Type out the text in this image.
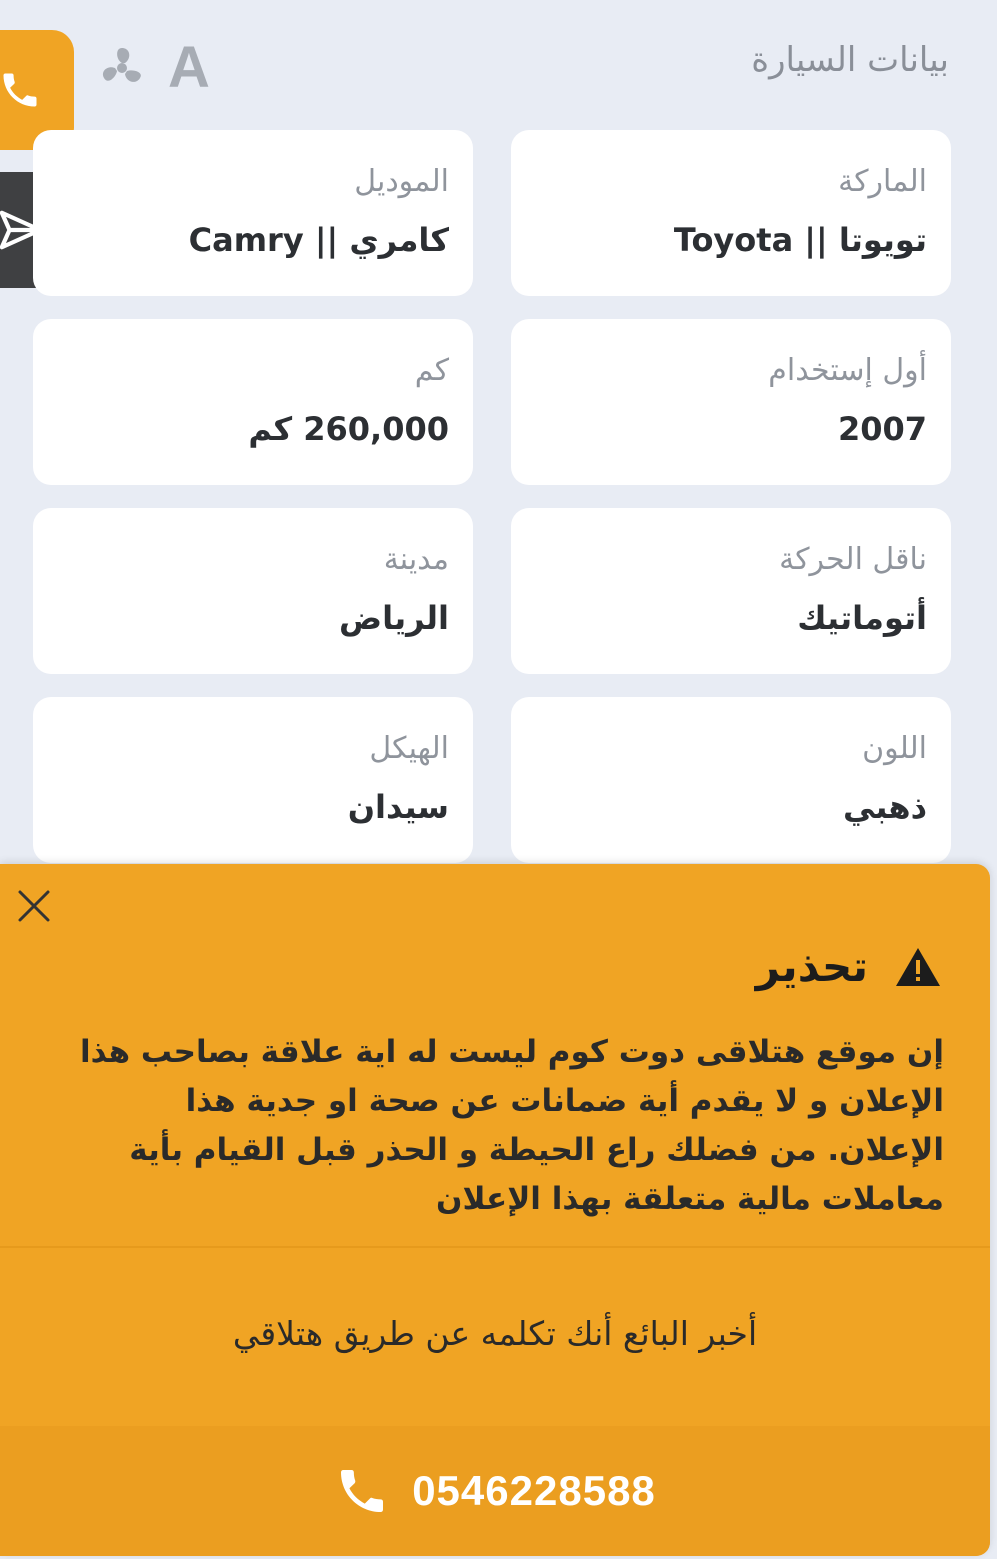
بيانات السيارة
A
الماركة
تويوتا || Toyota
الموديل
كامري || Camry
أول إستخدام
2007
كم
260,000 كم
ناقل الحركة
أتوماتيك
مدينة
الرياض
اللون
ذهبي
الهيكل
سيدان
تحذير
إن موقع هتلاقى دوت كوم ليست له اية علاقة بصاحب هذا الإعلان و لا يقدم أية ضمانات عن صحة او جدية هذا الإعلان. من فضلك راع الحيطة و الحذر قبل القيام بأية معاملات مالية متعلقة بهذا الإعلان
أخبر البائع أنك تكلمه عن طريق هتلاقي
0546228588
